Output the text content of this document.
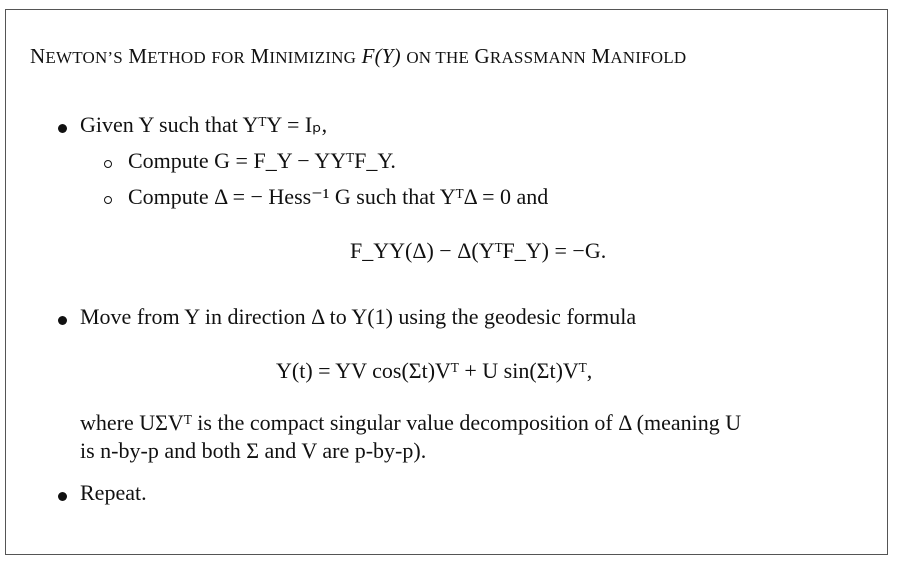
NEWTON’S METHOD FOR MINIMIZING F(Y) ON THE GRASSMANN MANIFOLD
Given Y such that YᵀY = Iₚ,
Compute G = F_Y − YYᵀF_Y.
Compute Δ = − Hess⁻¹ G such that YᵀΔ = 0 and
F_YY(Δ) − Δ(YᵀF_Y) = −G.
Move from Y in direction Δ to Y(1) using the geodesic formula
Y(t) = YV cos(Σt)Vᵀ + U sin(Σt)Vᵀ,
where UΣVᵀ is the compact singular value decomposition of Δ (meaning U
is n-by-p and both Σ and V are p-by-p).
Repeat.
